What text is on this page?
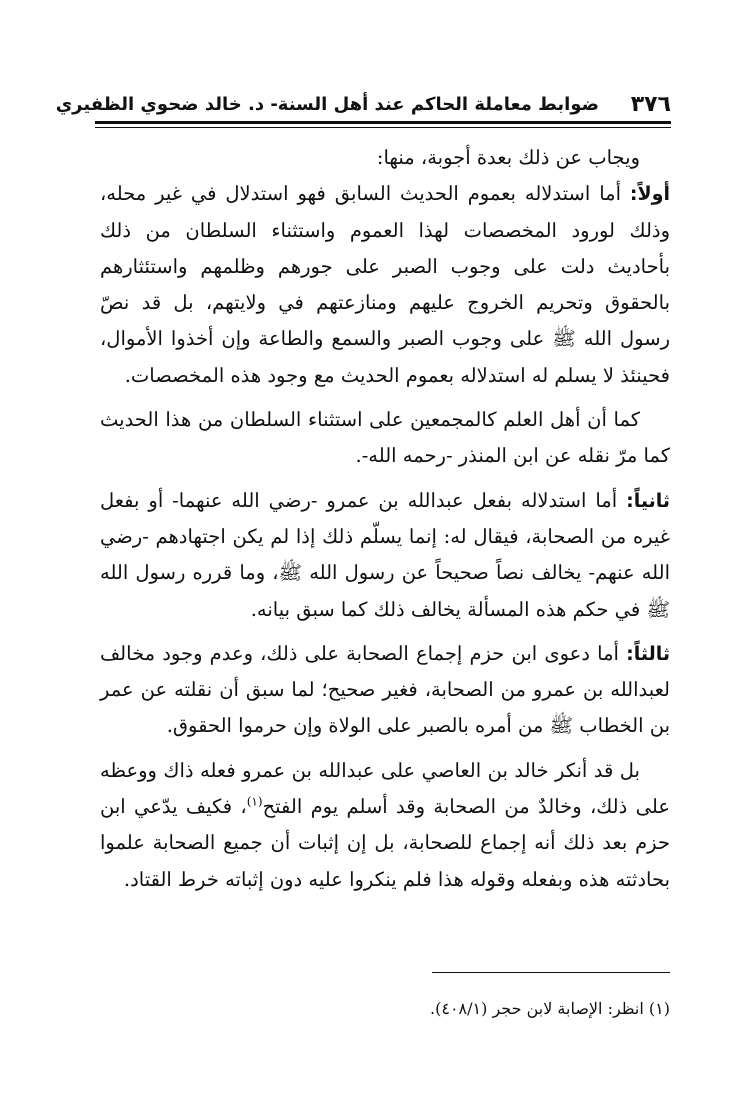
٣٧٦
ضوابط معاملة الحاكم عند أهل السنة- د. خالد ضحوي الظفيري

ويجاب عن ذلك بعدة أجوبة، منها:

أولاً: أما استدلاله بعموم الحديث السابق فهو استدلال في غير محله، وذلك لورود المخصصات لهذا العموم واستثناء السلطان من ذلك بأحاديث دلت على وجوب الصبر على جورهم وظلمهم واستئثارهم بالحقوق وتحريم الخروج عليهم ومنازعتهم في ولايتهم، بل قد نصّ رسول الله ﷺ على وجوب الصبر والسمع والطاعة وإن أخذوا الأموال، فحينئذ لا يسلم له استدلاله بعموم الحديث مع وجود هذه المخصصات.

كما أن أهل العلم كالمجمعين على استثناء السلطان من هذا الحديث كما مرّ نقله عن ابن المنذر -رحمه الله-.

ثانياً: أما استدلاله بفعل عبدالله بن عمرو -رضي الله عنهما- أو بفعل غيره من الصحابة، فيقال له: إنما يسلّم ذلك إذا لم يكن اجتهادهم -رضي الله عنهم- يخالف نصاً صحيحاً عن رسول الله ﷺ، وما قرره رسول الله ﷺ في حكم هذه المسألة يخالف ذلك كما سبق بيانه.

ثالثاً: أما دعوى ابن حزم إجماع الصحابة على ذلك، وعدم وجود مخالف لعبدالله بن عمرو من الصحابة، فغير صحيح؛ لما سبق أن نقلته عن عمر بن الخطاب ﷺ من أمره بالصبر على الولاة وإن حرموا الحقوق.

بل قد أنكر خالد بن العاصي على عبدالله بن عمرو فعله ذاك ووعظه على ذلك، وخالدٌ من الصحابة وقد أسلم يوم الفتح$^{(١)}$، فكيف يدّعي ابن حزم بعد ذلك أنه إجماع للصحابة، بل إن إثبات أن جميع الصحابة علموا بحادثته هذه وبفعله وقوله هذا فلم ينكروا عليه دون إثباته خرط القتاد.

(١) انظر: الإصابة لابن حجر (٤٠٨/١).
